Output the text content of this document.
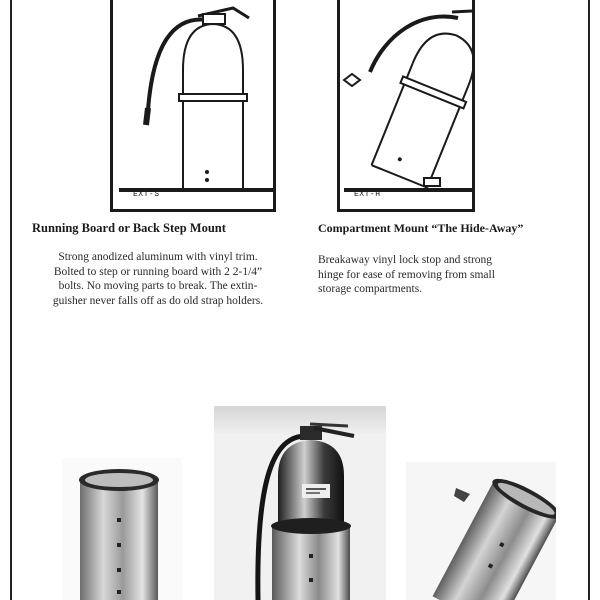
EXT-S	EXT-H
Running Board or Back Step Mount	Compartment Mount “The Hide-Away”
Strong anodized aluminum with vinyl trim.
Bolted to step or running board with 2 2-1/4”
bolts. No moving parts to break. The extin-
guisher never falls off as do old strap holders.
Breakaway vinyl lock stop and strong
hinge for ease of removing from small
storage compartments.
